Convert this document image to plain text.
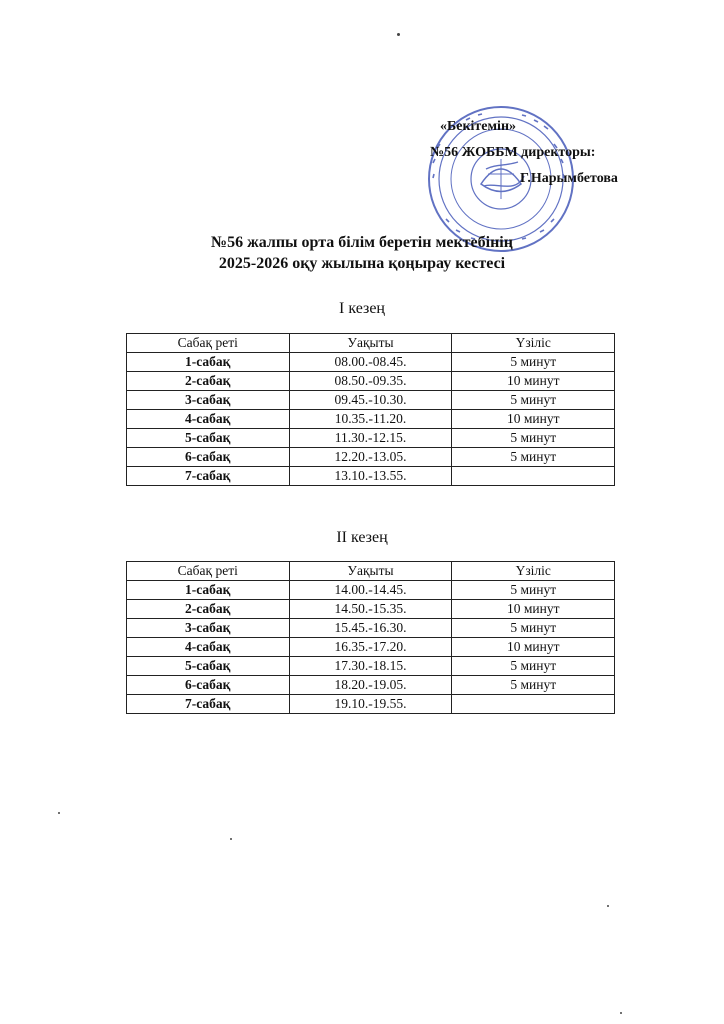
«Бекітемін»
№56 ЖОББМ директоры:
Г.Нарымбетова
№56 жалпы орта білім беретін мектебінің
2025-2026 оқу жылына қоңырау кестесі
I кезең
Сабақ реті	Уақыты	Үзіліс
1-сабақ	08.00.-08.45.	5 минут
2-сабақ	08.50.-09.35.	10 минут
3-сабақ	09.45.-10.30.	5 минут
4-сабақ	10.35.-11.20.	10 минут
5-сабақ	11.30.-12.15.	5 минут
6-сабақ	12.20.-13.05.	5 минут
7-сабақ	13.10.-13.55.	
II кезең
Сабақ реті	Уақыты	Үзіліс
1-сабақ	14.00.-14.45.	5 минут
2-сабақ	14.50.-15.35.	10 минут
3-сабақ	15.45.-16.30.	5 минут
4-сабақ	16.35.-17.20.	10 минут
5-сабақ	17.30.-18.15.	5 минут
6-сабақ	18.20.-19.05.	5 минут
7-сабақ	19.10.-19.55.	
